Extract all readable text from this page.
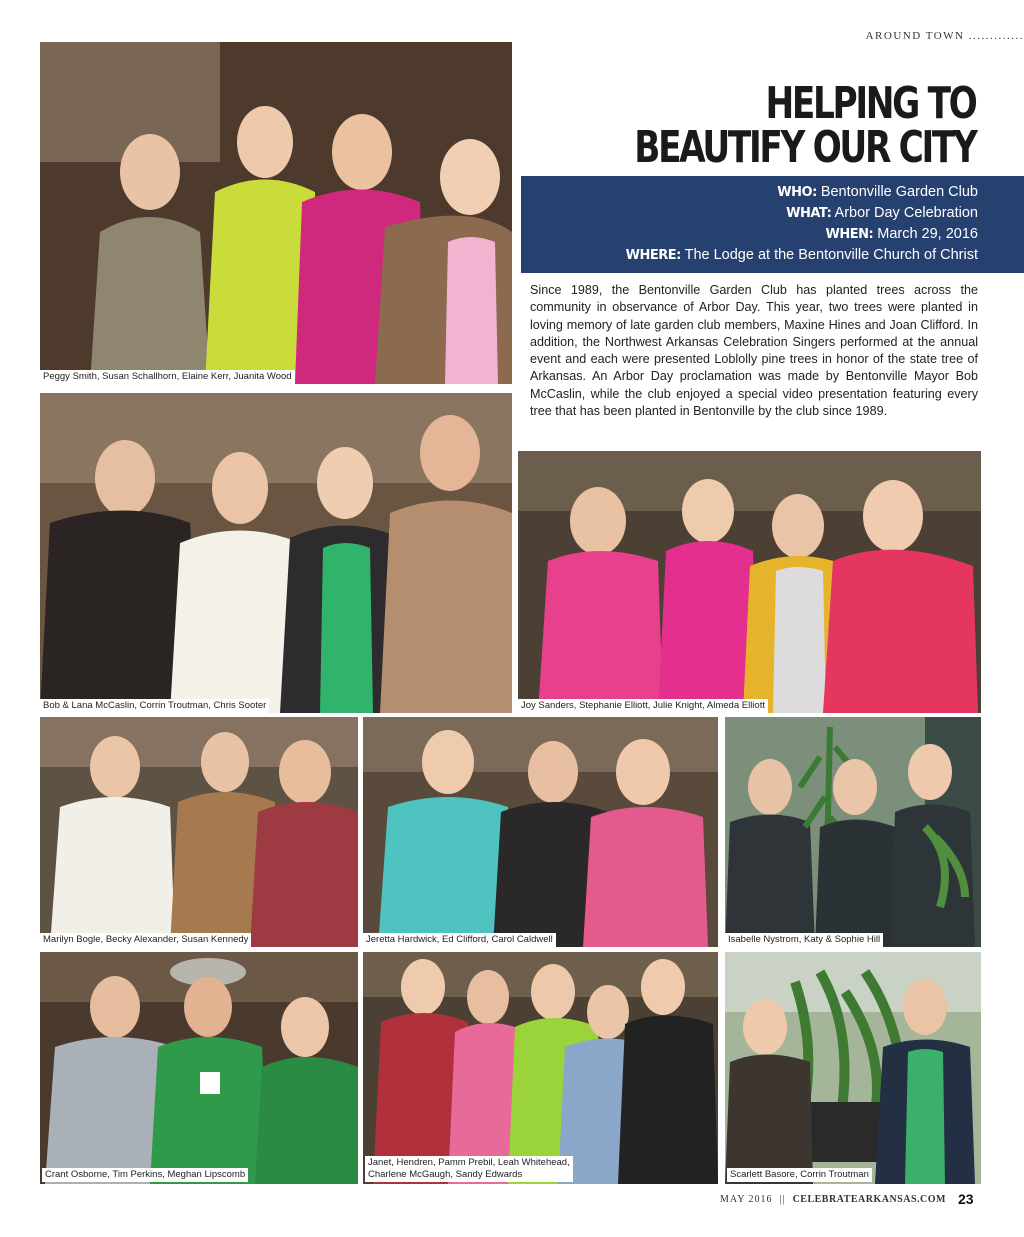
AROUND TOWN .............
HELPING TO
BEAUTIFY OUR CITY
WHO: Bentonville Garden Club
WHAT: Arbor Day Celebration
WHEN: March 29, 2016
WHERE: The Lodge at the Bentonville Church of Christ
Since 1989, the Bentonville Garden Club has planted trees across the community in observance of Arbor Day. This year, two trees were planted in loving memory of late garden club members, Maxine Hines and Joan Clifford. In addition, the Northwest Arkansas Celebration Singers performed at the annual event and each were presented Loblolly pine trees in honor of the state tree of Arkansas. An Arbor Day proclamation was made by Bentonville Mayor Bob McCaslin, while the club enjoyed a special video presentation featuring every tree that has been planted in Bentonville by the club since 1989.
Peggy Smith, Susan Schallhorn, Elaine Kerr, Juanita Wood
Bob & Lana McCaslin, Corrin Troutman, Chris Sooter	Joy Sanders, Stephanie Elliott, Julie Knight, Almeda Elliott
Marilyn Bogle, Becky Alexander, Susan Kennedy	Jeretta Hardwick, Ed Clifford, Carol Caldwell	Isabelle Nystrom, Katy & Sophie Hill
Crant Osborne, Tim Perkins, Meghan Lipscomb
Janet, Hendren, Pamm Prebil, Leah Whitehead,
Charlene McGaugh, Sandy Edwards	Scarlett Basore, Corrin Troutman
MAY 2016 || CELEBRATEARKANSAS.COM 23
